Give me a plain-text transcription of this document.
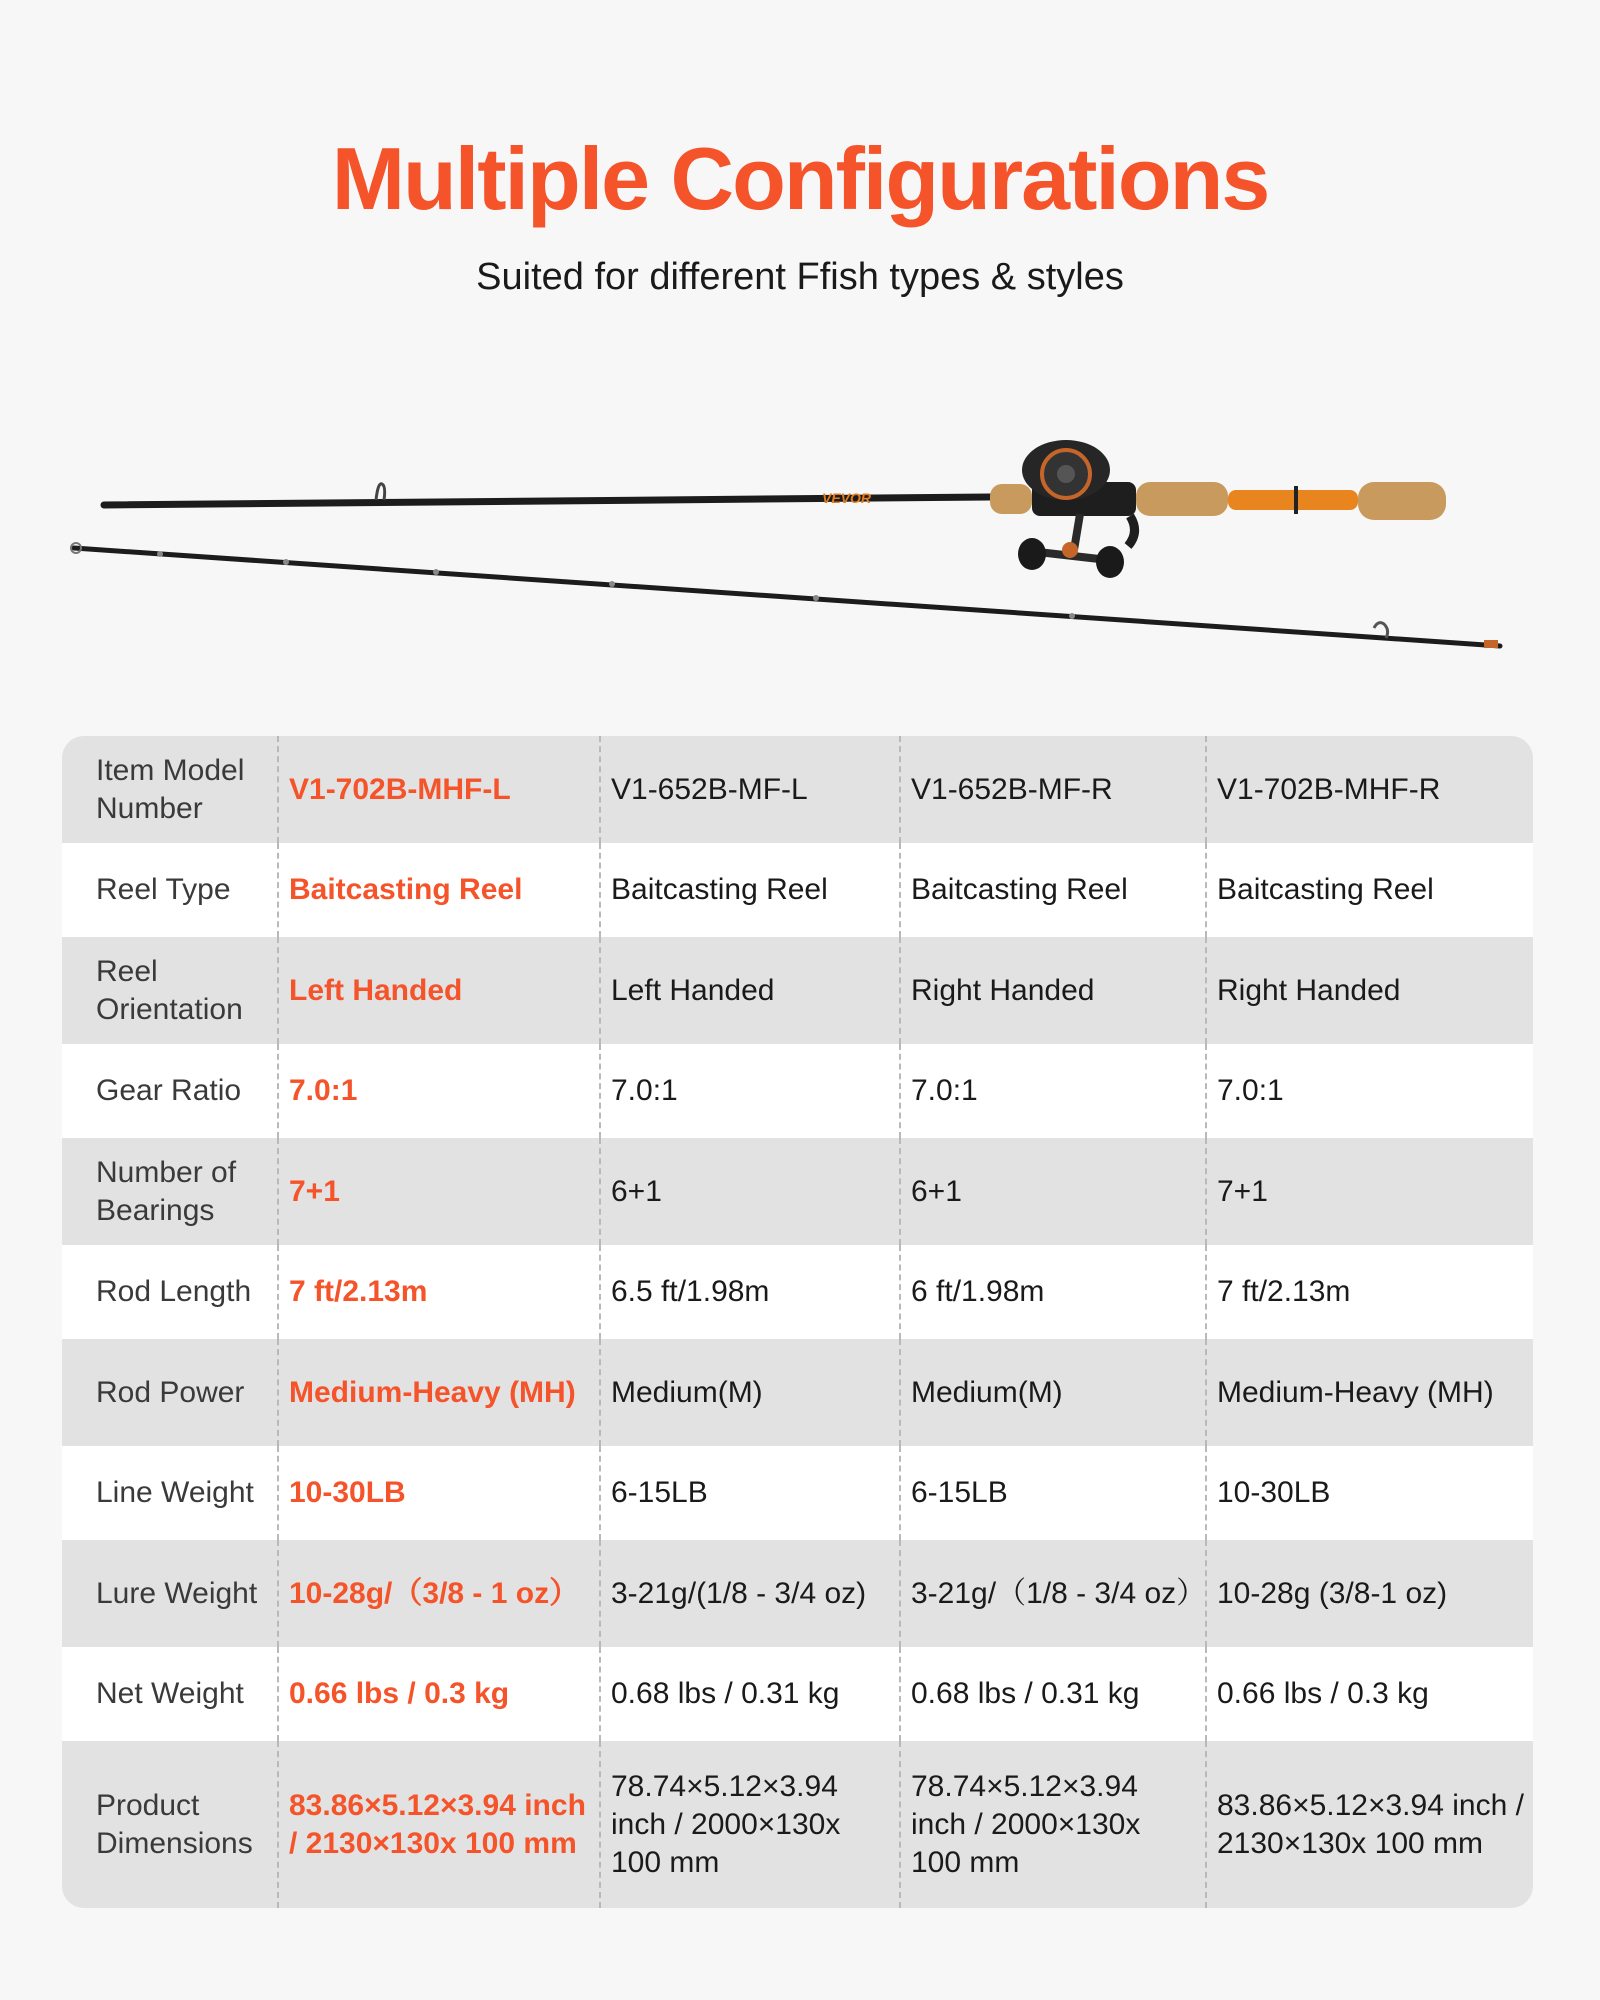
Multiple Configurations

Suited for different Ffish types & styles

VEVOR
Item Model Number	V1-702B-MHF-L	V1-652B-MF-L	V1-652B-MF-R	V1-702B-MHF-R
Reel Type	Baitcasting Reel	Baitcasting Reel	Baitcasting Reel	Baitcasting Reel
Reel Orientation	Left Handed	Left Handed	Right Handed	Right Handed
Gear Ratio	7.0:1	7.0:1	7.0:1	7.0:1
Number of Bearings	7+1	6+1	6+1	7+1
Rod Length	7 ft/2.13m	6.5 ft/1.98m	6 ft/1.98m	7 ft/2.13m
Rod Power	Medium-Heavy (MH)	Medium(M)	Medium(M)	Medium-Heavy (MH)
Line Weight	10-30LB	6-15LB	6-15LB	10-30LB
Lure Weight	10-28g/（3/8 - 1 oz）	3-21g/(1/8 - 3/4 oz)	3-21g/（1/8 - 3/4 oz）	10-28g (3/8-1 oz)
Net Weight	0.66 lbs / 0.3 kg	0.68 lbs / 0.31 kg	0.68 lbs / 0.31 kg	0.66 lbs / 0.3 kg
Product Dimensions	83.86×5.12×3.94 inch / 2130×130x 100 mm	78.74×5.12×3.94 inch / 2000×130x 100 mm	78.74×5.12×3.94 inch / 2000×130x 100 mm	83.86×5.12×3.94 inch / 2130×130x 100 mm
